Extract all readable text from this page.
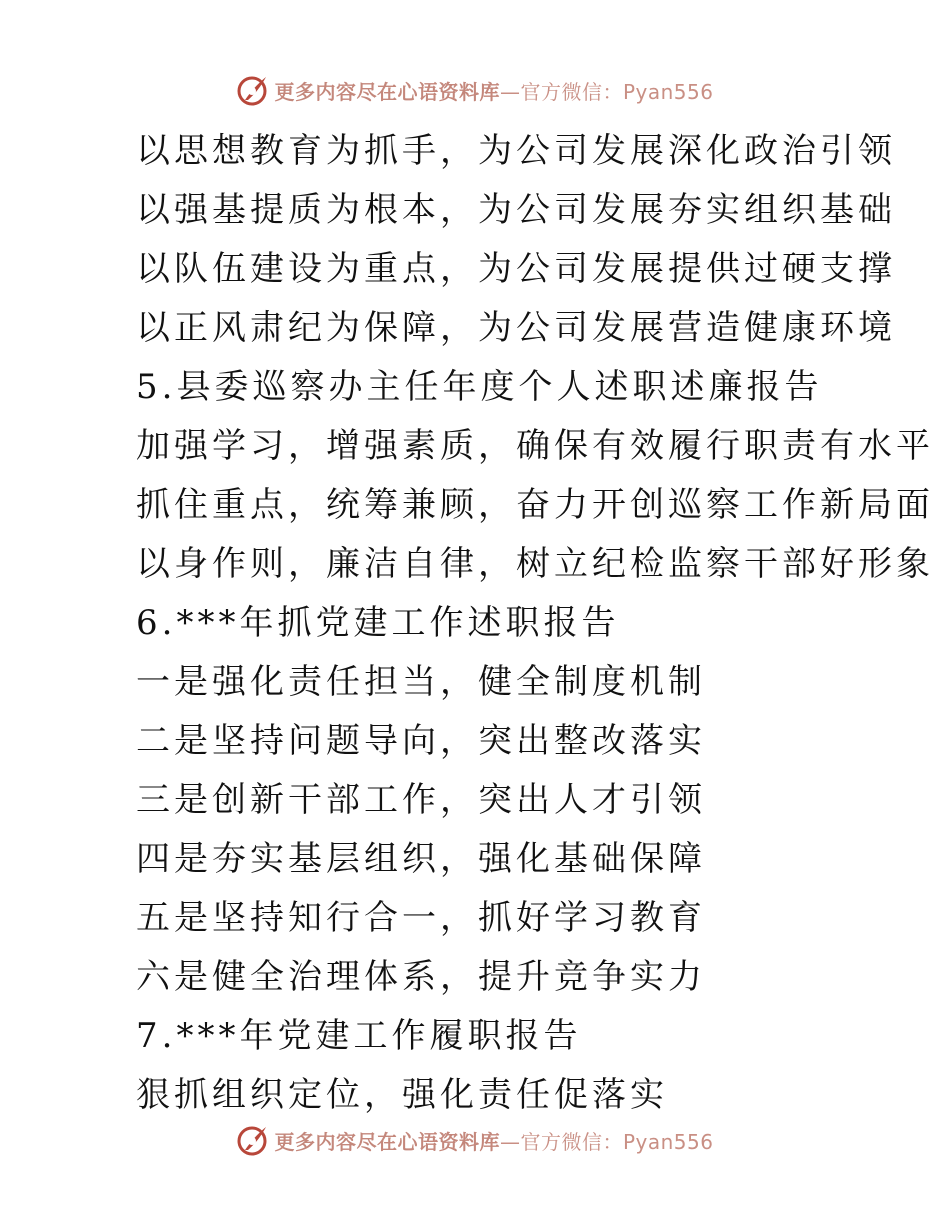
更多内容尽在心语资料库—官方微信：Pyan556
以思想教育为抓手，为公司发展深化政治引领
以强基提质为根本，为公司发展夯实组织基础
以队伍建设为重点，为公司发展提供过硬支撑
以正风肃纪为保障，为公司发展营造健康环境
5.县委巡察办主任年度个人述职述廉报告
加强学习，增强素质，确保有效履行职责有水平
抓住重点，统筹兼顾，奋力开创巡察工作新局面
以身作则，廉洁自律，树立纪检监察干部好形象
6.***年抓党建工作述职报告
一是强化责任担当，健全制度机制
二是坚持问题导向，突出整改落实
三是创新干部工作，突出人才引领
四是夯实基层组织，强化基础保障
五是坚持知行合一，抓好学习教育
六是健全治理体系，提升竞争实力
7.***年党建工作履职报告
狠抓组织定位，强化责任促落实
更多内容尽在心语资料库—官方微信：Pyan556
